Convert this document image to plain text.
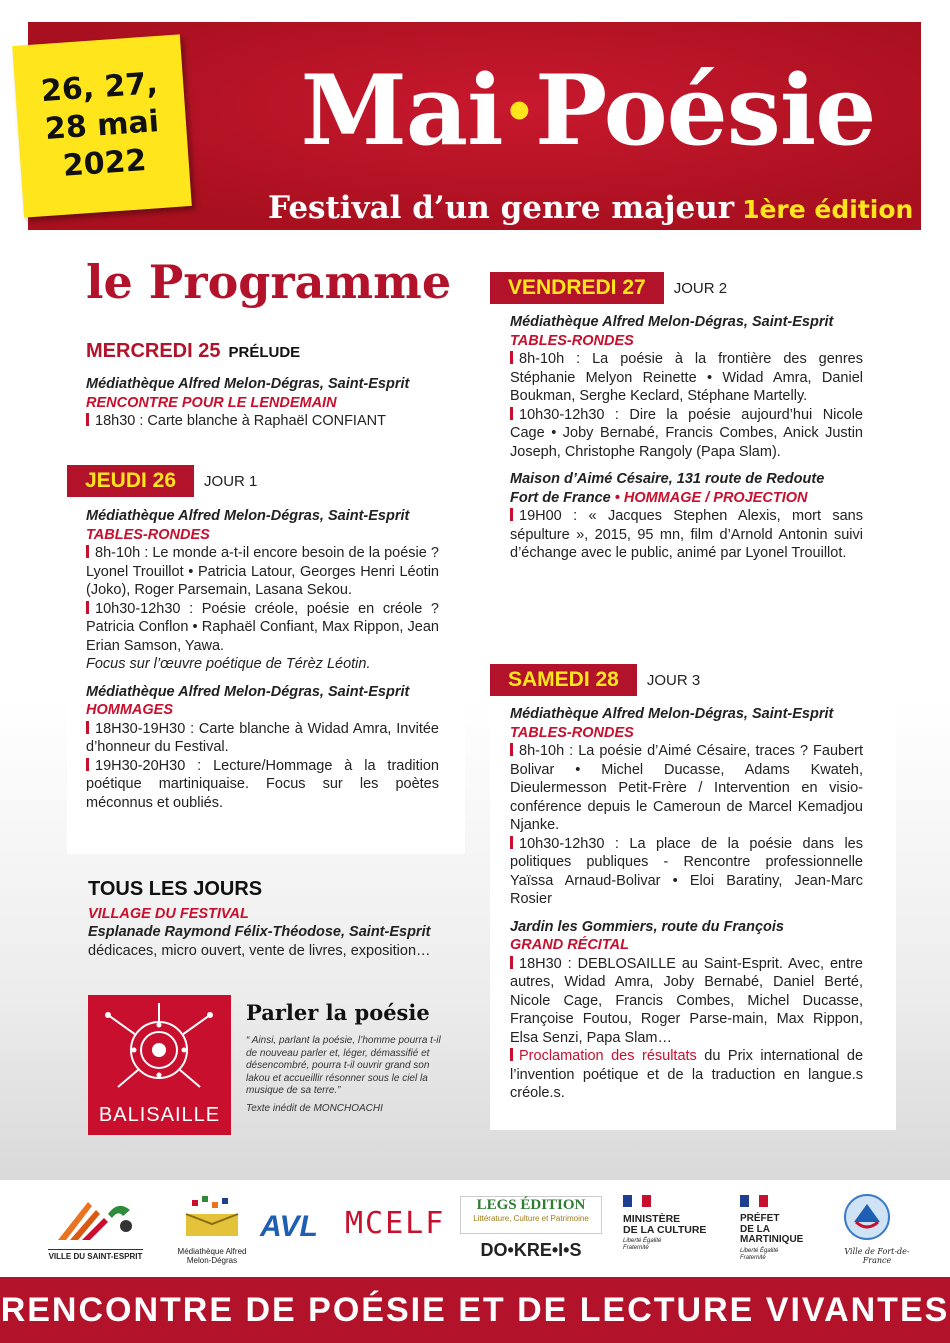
Mai·Poésie
Festival d’un genre majeur 1ère édition
26, 27,
28 mai
2022
le Programme
MERCREDI 25 PRÉLUDE
Médiathèque Alfred Melon-Dégras, Saint-Esprit
RENCONTRE POUR LE LENDEMAIN
18h30 : Carte blanche à Raphaël CONFIANT
JEUDI 26	JOUR 1
Médiathèque Alfred Melon-Dégras, Saint-Esprit
TABLES-RONDES
8h-10h : Le monde a-t-il encore besoin de la poésie ? Lyonel Trouillot • Patricia Latour, Georges Henri Léotin (Joko), Roger Parsemain, Lasana Sekou.
10h30-12h30 : Poésie créole, poésie en créole ? Patricia Conflon • Raphaël Confiant, Max Rippon, Jean Erian Samson, Yawa.
Focus sur l’œuvre poétique de Térèz Léotin.
Médiathèque Alfred Melon-Dégras, Saint-Esprit
HOMMAGES
18H30-19H30 : Carte blanche à Widad Amra, Invitée d’honneur du Festival.
19H30-20H30 : Lecture/Hommage à la tradition poétique martiniquaise. Focus sur les poètes méconnus et oubliés.
VENDREDI 27	JOUR 2
Médiathèque Alfred Melon-Dégras, Saint-Esprit
TABLES-RONDES
8h-10h : La poésie à la frontière des genres Stéphanie Melyon Reinette • Widad Amra, Daniel Boukman, Serghe Keclard, Stéphane Martelly.
10h30-12h30 : Dire la poésie aujourd’hui Nicole Cage • Joby Bernabé, Francis Combes, Anick Justin Joseph, Christophe Rangoly (Papa Slam).
Maison d’Aimé Césaire, 131 route de Redoute
Fort de France • HOMMAGE / PROJECTION
19H00 : « Jacques Stephen Alexis, mort sans sépulture », 2015, 95 mn, film d’Arnold Antonin suivi d’échange avec le public, animé par Lyonel Trouillot.
SAMEDI 28	JOUR 3
Médiathèque Alfred Melon-Dégras, Saint-Esprit
TABLES-RONDES
8h-10h : La poésie d’Aimé Césaire, traces ? Faubert Bolivar • Michel Ducasse, Adams Kwateh, Dieulermesson Petit-Frère / Intervention en visio-conférence depuis le Cameroun de Marcel Kemadjou Njanke.
10h30-12h30 : La place de la poésie dans les politiques publiques - Rencontre professionnelle Yaïssa Arnaud-Bolivar • Eloi Baratiny, Jean-Marc Rosier
Jardin les Gommiers, route du François
GRAND RÉCITAL
18H30 : DEBLOSAILLE au Saint-Esprit. Avec, entre autres, Widad Amra, Joby Bernabé, Daniel Berté, Nicole Cage, Francis Combes, Michel Ducasse, Françoise Foutou, Roger Parse-main, Max Rippon, Elsa Senzi, Papa Slam…
Proclamation des résultats du Prix international de l’invention poétique et de la traduction en langue.s créole.s.
TOUS LES JOURS
VILLAGE DU FESTIVAL
Esplanade Raymond Félix-Théodose, Saint-Esprit
dédicaces, micro ouvert, vente de livres, exposition…
BALISAILLE
Parler la poésie
“ Ainsi, parlant la poésie, l’homme pourra t-il de nouveau parler et, léger, démassifié et désencombré, pourra t-il ouvrir grand son lakou et accueillir résonner sous le ciel la musique de sa terre.”
Texte inédit de MONCHOACHI
VILLE DU SAINT-ESPRIT
Médiathèque Alfred
Melon-Dégras
AVL MCELF
LEGS ÉDITION
Littérature, Culture et Patrimoine
DO•KRE•I•S
MINISTÈRE
DE LA CULTURE
Liberté Égalité Fraternité
PRÉFET
DE LA
MARTINIQUE
Liberté Égalité Fraternité
Ville de Fort-de-France
RENCONTRE DE POÉSIE ET DE LECTURE VIVANTES
